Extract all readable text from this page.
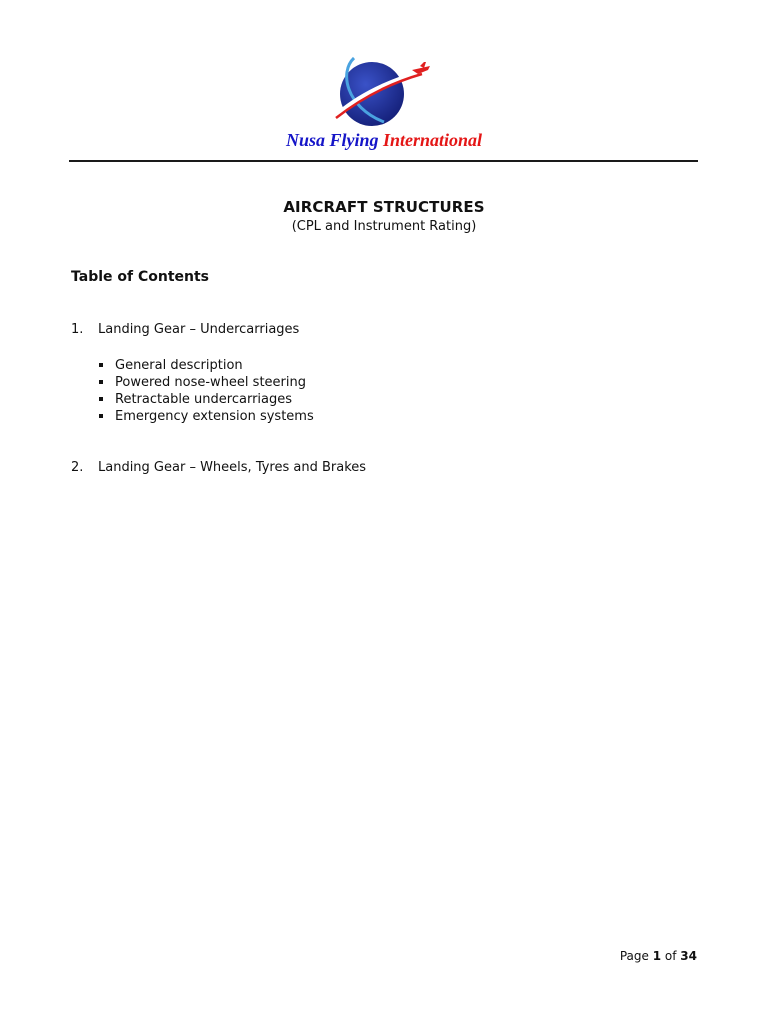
Nusa Flying International
AIRCRAFT STRUCTURES
(CPL and Instrument Rating)
Table of Contents
1. Landing Gear – Undercarriages
General description
Powered nose-wheel steering
Retractable undercarriages
Emergency extension systems
2. Landing Gear – Wheels, Tyres and Brakes
Page 1 of 34
